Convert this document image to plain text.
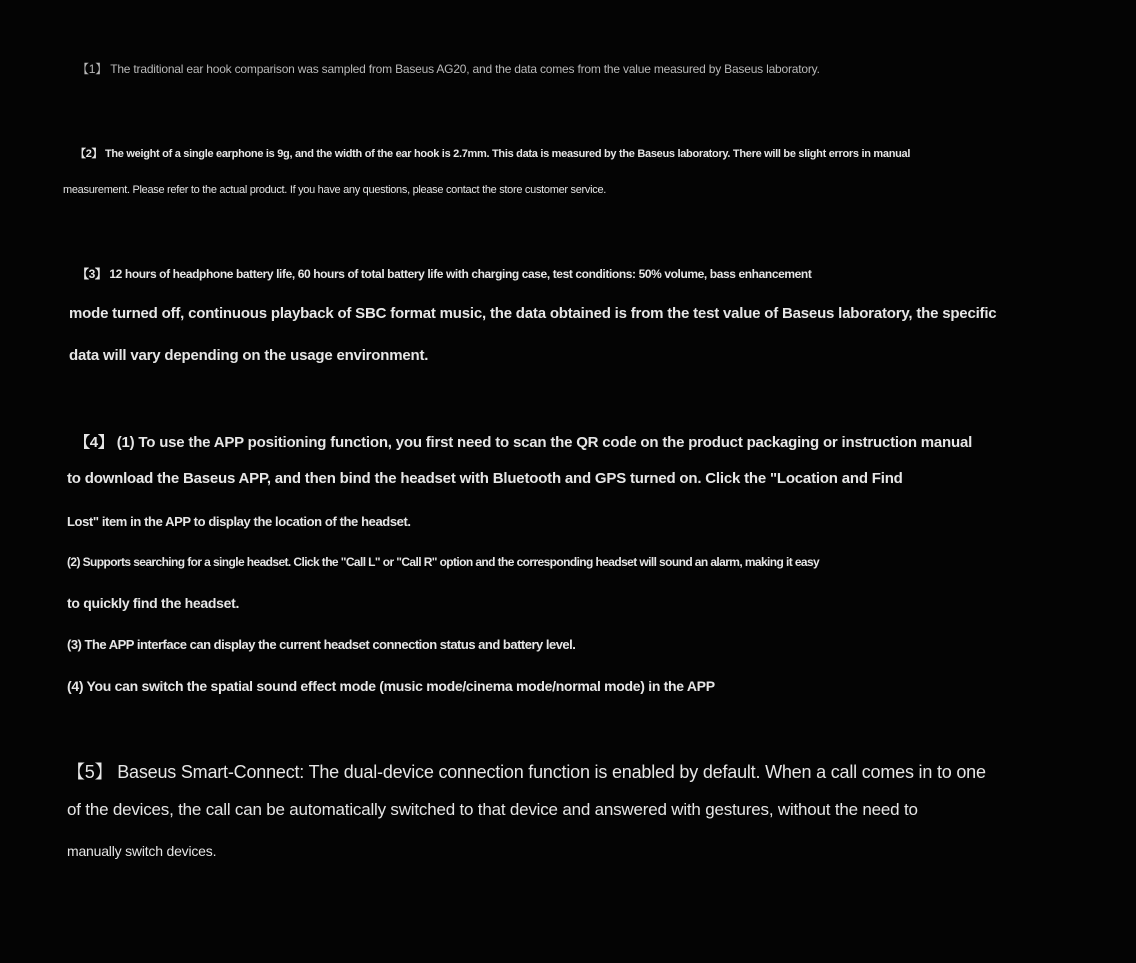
【1】 The traditional ear hook comparison was sampled from Baseus AG20, and the data comes from the value measured by Baseus laboratory.

【2】 The weight of a single earphone is 9g, and the width of the ear hook is 2.7mm. This data is measured by the Baseus laboratory. There will be slight errors in manual

measurement. Please refer to the actual product. If you have any questions, please contact the store customer service.

【3】 12 hours of headphone battery life, 60 hours of total battery life with charging case, test conditions: 50% volume, bass enhancement

mode turned off, continuous playback of SBC format music, the data obtained is from the test value of Baseus laboratory, the specific

data will vary depending on the usage environment.

【4】 (1) To use the APP positioning function, you first need to scan the QR code on the product packaging or instruction manual

to download the Baseus APP, and then bind the headset with Bluetooth and GPS turned on. Click the "Location and Find

Lost" item in the APP to display the location of the headset.

(2) Supports searching for a single headset. Click the "Call L" or "Call R" option and the corresponding headset will sound an alarm, making it easy

to quickly find the headset.

(3) The APP interface can display the current headset connection status and battery level.

(4) You can switch the spatial sound effect mode (music mode/cinema mode/normal mode) in the APP

【5】 Baseus Smart-Connect: The dual-device connection function is enabled by default. When a call comes in to one

of the devices, the call can be automatically switched to that device and answered with gestures, without the need to

manually switch devices.
